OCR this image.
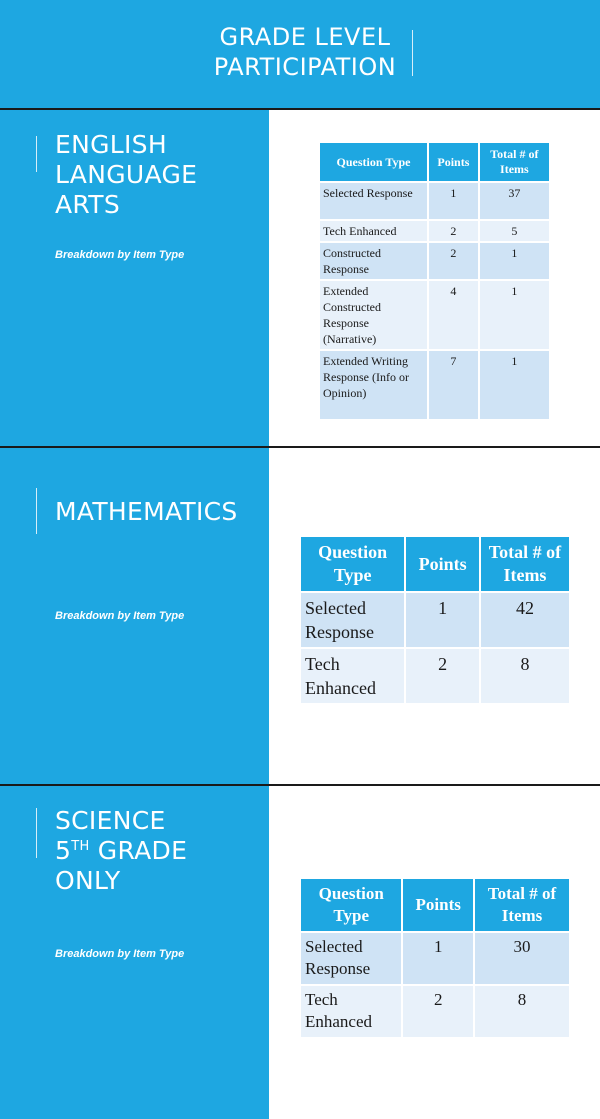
GRADE LEVEL
PARTICIPATION
ENGLISH
LANGUAGE
ARTS
Breakdown by Item Type
Question Type	Points	Total # of Items
Selected Response	1	37
Tech Enhanced	2	5
Constructed Response	2	1
Extended Constructed Response (Narrative)	4	1
Extended Writing Response (Info or Opinion)	7	1
MATHEMATICS
Breakdown by Item Type
Question Type	Points	Total # of Items
Selected Response	1	42
Tech Enhanced	2	8
SCIENCE
5TH GRADE
ONLY
Breakdown by Item Type
Question Type	Points	Total # of Items
Selected Response	1	30
Tech Enhanced	2	8
